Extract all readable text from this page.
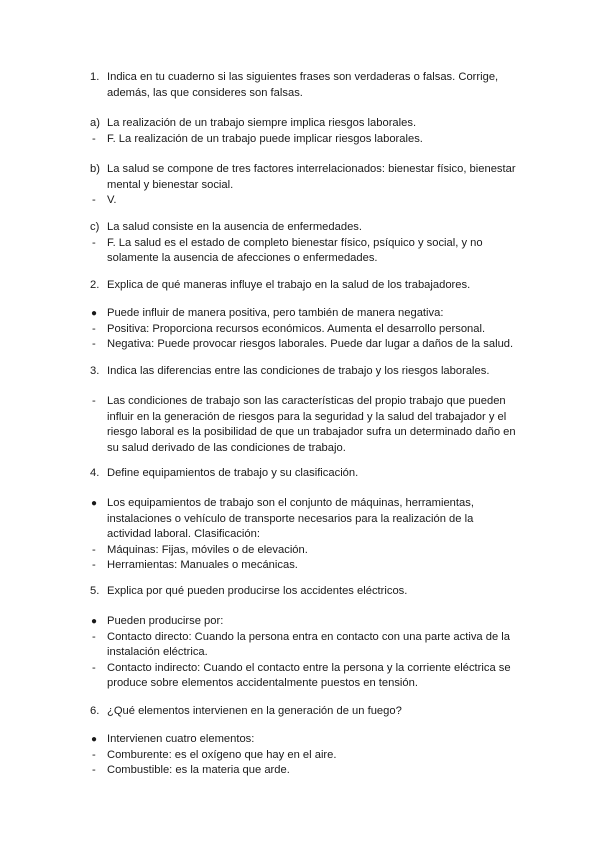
1. Indica en tu cuaderno si las siguientes frases son verdaderas o falsas. Corrige, además, las que consideres son falsas.
a) La realización de un trabajo siempre implica riesgos laborales.
- F. La realización de un trabajo puede implicar riesgos laborales.
b) La salud se compone de tres factores interrelacionados: bienestar físico, bienestar mental y bienestar social.
- V.
c) La salud consiste en la ausencia de enfermedades.
- F. La salud es el estado de completo bienestar físico, psíquico y social, y no solamente la ausencia de afecciones o enfermedades.
2. Explica de qué maneras influye el trabajo en la salud de los trabajadores.
● Puede influir de manera positiva, pero también de manera negativa:
- Positiva: Proporciona recursos económicos. Aumenta el desarrollo personal.
- Negativa: Puede provocar riesgos laborales. Puede dar lugar a daños de la salud.
3. Indica las diferencias entre las condiciones de trabajo y los riesgos laborales.
- Las condiciones de trabajo son las características del propio trabajo que pueden influir en la generación de riesgos para la seguridad y la salud del trabajador y el riesgo laboral es la posibilidad de que un trabajador sufra un determinado daño en su salud derivado de las condiciones de trabajo.
4. Define equipamientos de trabajo y su clasificación.
● Los equipamientos de trabajo son el conjunto de máquinas, herramientas, instalaciones o vehículo de transporte necesarios para la realización de la actividad laboral. Clasificación:
- Máquinas: Fijas, móviles o de elevación.
- Herramientas: Manuales o mecánicas.
5. Explica por qué pueden producirse los accidentes eléctricos.
● Pueden producirse por:
- Contacto directo: Cuando la persona entra en contacto con una parte activa de la instalación eléctrica.
- Contacto indirecto: Cuando el contacto entre la persona y la corriente eléctrica se produce sobre elementos accidentalmente puestos en tensión.
6. ¿Qué elementos intervienen en la generación de un fuego?
● Intervienen cuatro elementos:
- Comburente: es el oxígeno que hay en el aire.
- Combustible: es la materia que arde.
